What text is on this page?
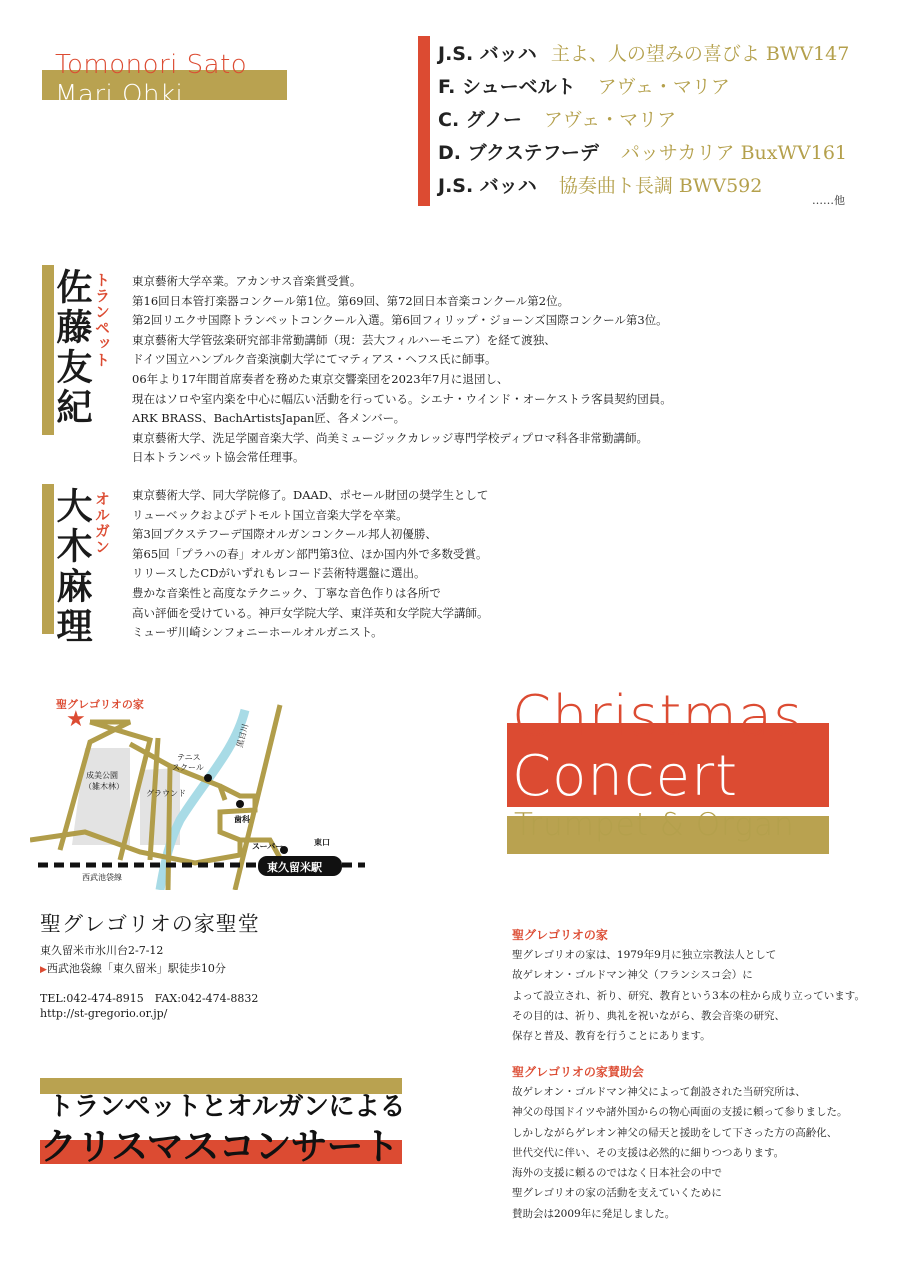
Tomonori Sato
Mari Ohki
J.S. バッハ 主よ、人の望みの喜びよ BWV147
F. シューベルト アヴェ・マリア
C. グノー アヴェ・マリア
D. ブクステフーデ パッサカリア BuxWV161
J.S. バッハ 協奏曲ト長調 BWV592
……他
佐藤友紀 トランペット 東京藝術大学卒業。アカンサス音楽賞受賞。
第16回日本管打楽器コンクール第1位。第69回、第72回日本音楽コンクール第2位。
第2回リエクサ国際トランペットコンクール入選。第6回フィリップ・ジョーンズ国際コンクール第3位。
東京藝術大学管弦楽研究部非常勤講師（現：芸大フィルハーモニア）を経て渡独、
ドイツ国立ハンブルク音楽演劇大学にてマティアス・ヘフス氏に師事。
06年より17年間首席奏者を務めた東京交響楽団を2023年7月に退団し、
現在はソロや室内楽を中心に幅広い活動を行っている。シエナ・ウインド・オーケストラ客員契約団員。
ARK BRASS、BachArtistsJapan匠、各メンバー。
東京藝術大学、洗足学園音楽大学、尚美ミュージックカレッジ専門学校ディプロマ科各非常勤講師。
日本トランペット協会常任理事。
大木麻理 オルガン 東京藝術大学、同大学院修了。DAAD、ポセール財団の奨学生として
リューベックおよびデトモルト国立音楽大学を卒業。
第3回ブクステフーデ国際オルガンコンクール邦人初優勝、
第65回「プラハの春」オルガン部門第3位、ほか国内外で多数受賞。
リリースしたCDがいずれもレコード芸術特選盤に選出。
豊かな音楽性と高度なテクニック、丁寧な音色作りは各所で
高い評価を受けている。神戸女学院大学、東洋英和女学院大学講師。
ミューザ川崎シンフォニーホールオルガニスト。
聖グレゴリオの家
★
テニス
スクール
成美公園
（雑木林）
グラウンド
黒目川
歯科
スーパー	東口
東久留米駅
西武池袋線
聖グレゴリオの家聖堂
東久留米市氷川台2-7-12
▶西武池袋線「東久留米」駅徒歩10分
TEL:042-474-8915　FAX:042-474-8832
http://st-gregorio.or.jp/
Christmas
Concert
Trumpet & Organ
聖グレゴリオの家
聖グレゴリオの家は、1979年9月に独立宗教法人として
故ゲレオン・ゴルドマン神父（フランシスコ会）に
よって設立され、祈り、研究、教育という3本の柱から成り立っています。
その目的は、祈り、典礼を祝いながら、教会音楽の研究、
保存と普及、教育を行うことにあります。
聖グレゴリオの家賛助会
故ゲレオン・ゴルドマン神父によって創設された当研究所は、
神父の母国ドイツや諸外国からの物心両面の支援に頼って参りました。
しかしながらゲレオン神父の帰天と援助をして下さった方の高齢化、
世代交代に伴い、その支援は必然的に細りつつあります。
海外の支援に頼るのではなく日本社会の中で
聖グレゴリオの家の活動を支えていくために
賛助会は2009年に発足しました。
トランペットとオルガンによる
クリスマスコンサート
